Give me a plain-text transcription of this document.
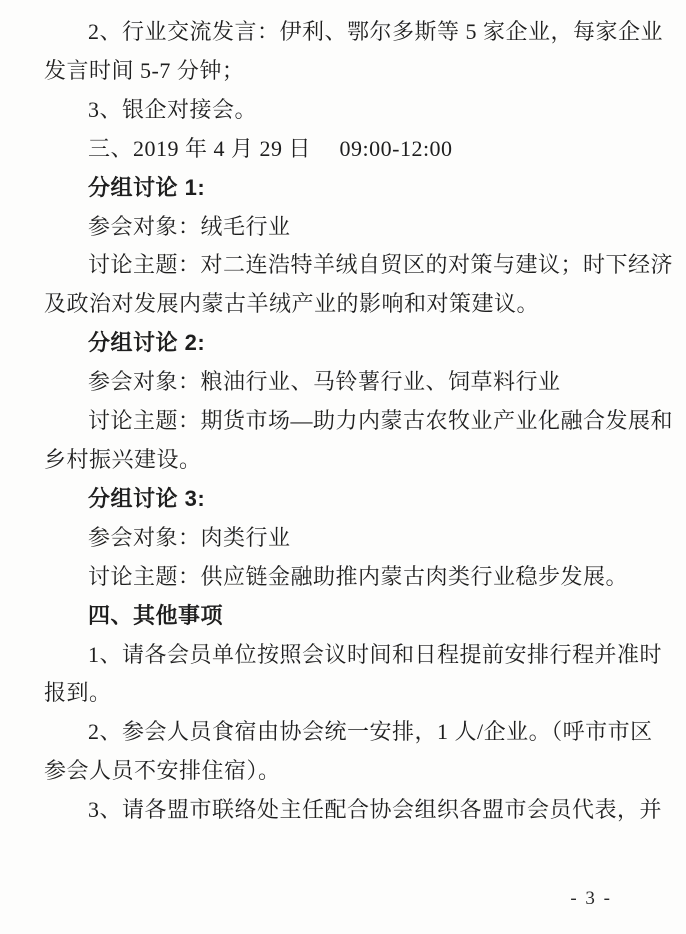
2、行业交流发言：伊利、鄂尔多斯等 5 家企业，每家企业
发言时间 5-7 分钟；
3、银企对接会。
三、2019 年 4 月 29 日　 09:00-12:00
分组讨论 1:
参会对象：绒毛行业
讨论主题：对二连浩特羊绒自贸区的对策与建议；时下经济
及政治对发展内蒙古羊绒产业的影响和对策建议。
分组讨论 2:
参会对象：粮油行业、马铃薯行业、饲草料行业
讨论主题：期货市场—助力内蒙古农牧业产业化融合发展和
乡村振兴建设。
分组讨论 3:
参会对象：肉类行业
讨论主题：供应链金融助推内蒙古肉类行业稳步发展。
四、其他事项
1、请各会员单位按照会议时间和日程提前安排行程并准时
报到。
2、参会人员食宿由协会统一安排，1 人/企业。（呼市市区
参会人员不安排住宿）。
3、请各盟市联络处主任配合协会组织各盟市会员代表，并
- 3 -
